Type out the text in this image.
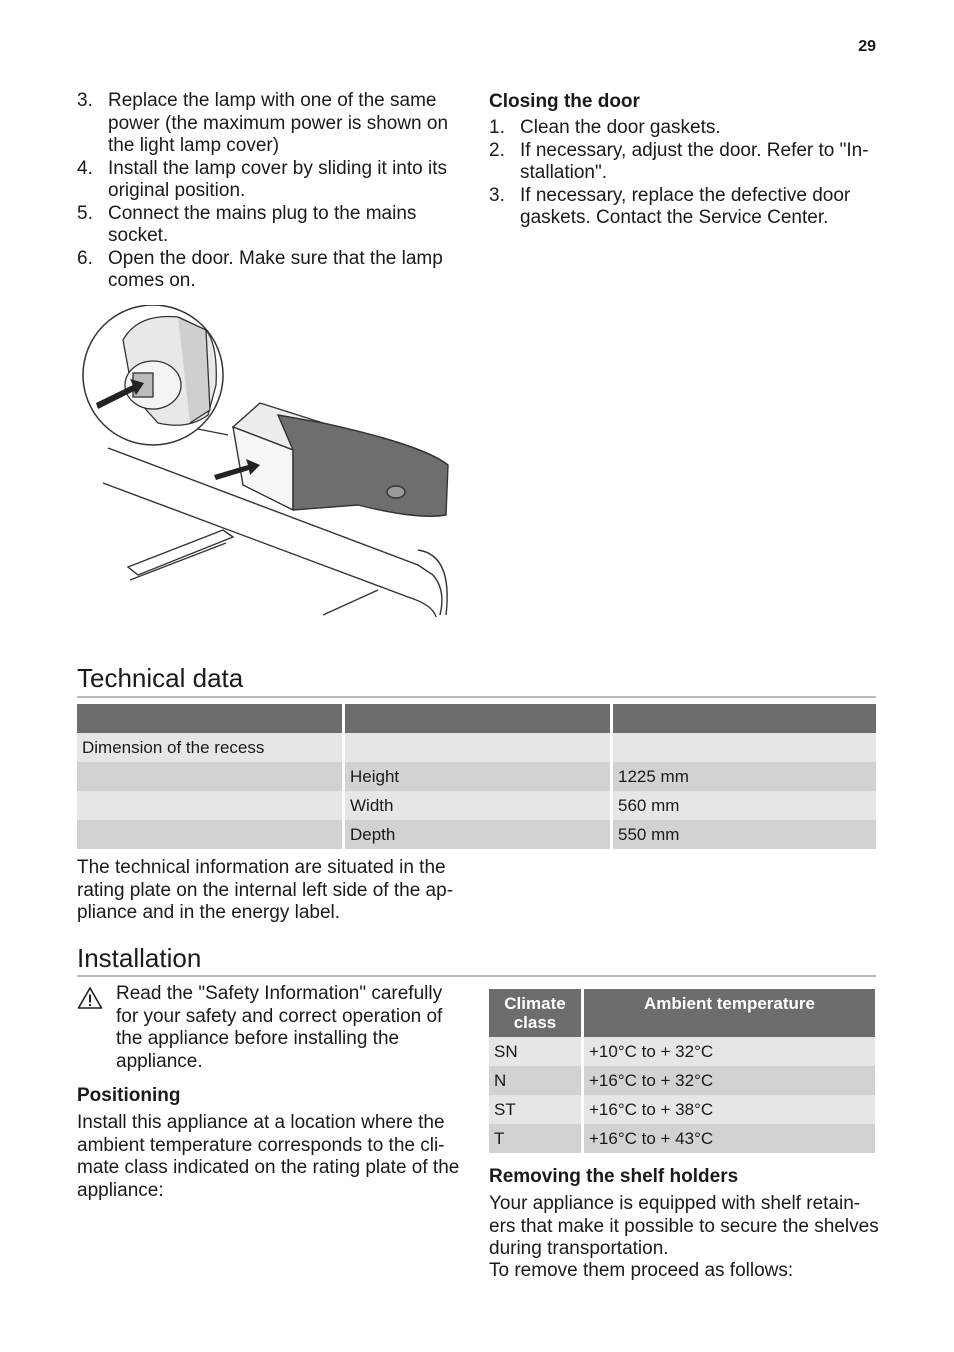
29
3. Replace the lamp with one of the same power (the maximum power is shown on the light lamp cover)
4. Install the lamp cover by sliding it into its original position.
5. Connect the mains plug to the mains socket.
6. Open the door. Make sure that the lamp comes on.
Closing the door
1. Clean the door gaskets.
2. If necessary, adjust the door. Refer to "In-stallation".
3. If necessary, replace the defective door gaskets. Contact the Service Center.
Technical data

Dimension of the recess		
	Height	1225 mm
	Width	560 mm
	Depth	550 mm

The technical information are situated in the rating plate on the internal left side of the ap-pliance and in the energy label.

Installation

Read the "Safety Information" carefully for your safety and correct operation of the appliance before installing the appliance.

Positioning

Install this appliance at a location where the ambient temperature corresponds to the cli-mate class indicated on the rating plate of the appliance:

Climate class	Ambient temperature
SN	+10°C to + 32°C
N	+16°C to + 32°C
ST	+16°C to + 38°C
T	+16°C to + 43°C
Removing the shelf holders

Your appliance is equipped with shelf retain-ers that make it possible to secure the shelves during transportation.

To remove them proceed as follows:
